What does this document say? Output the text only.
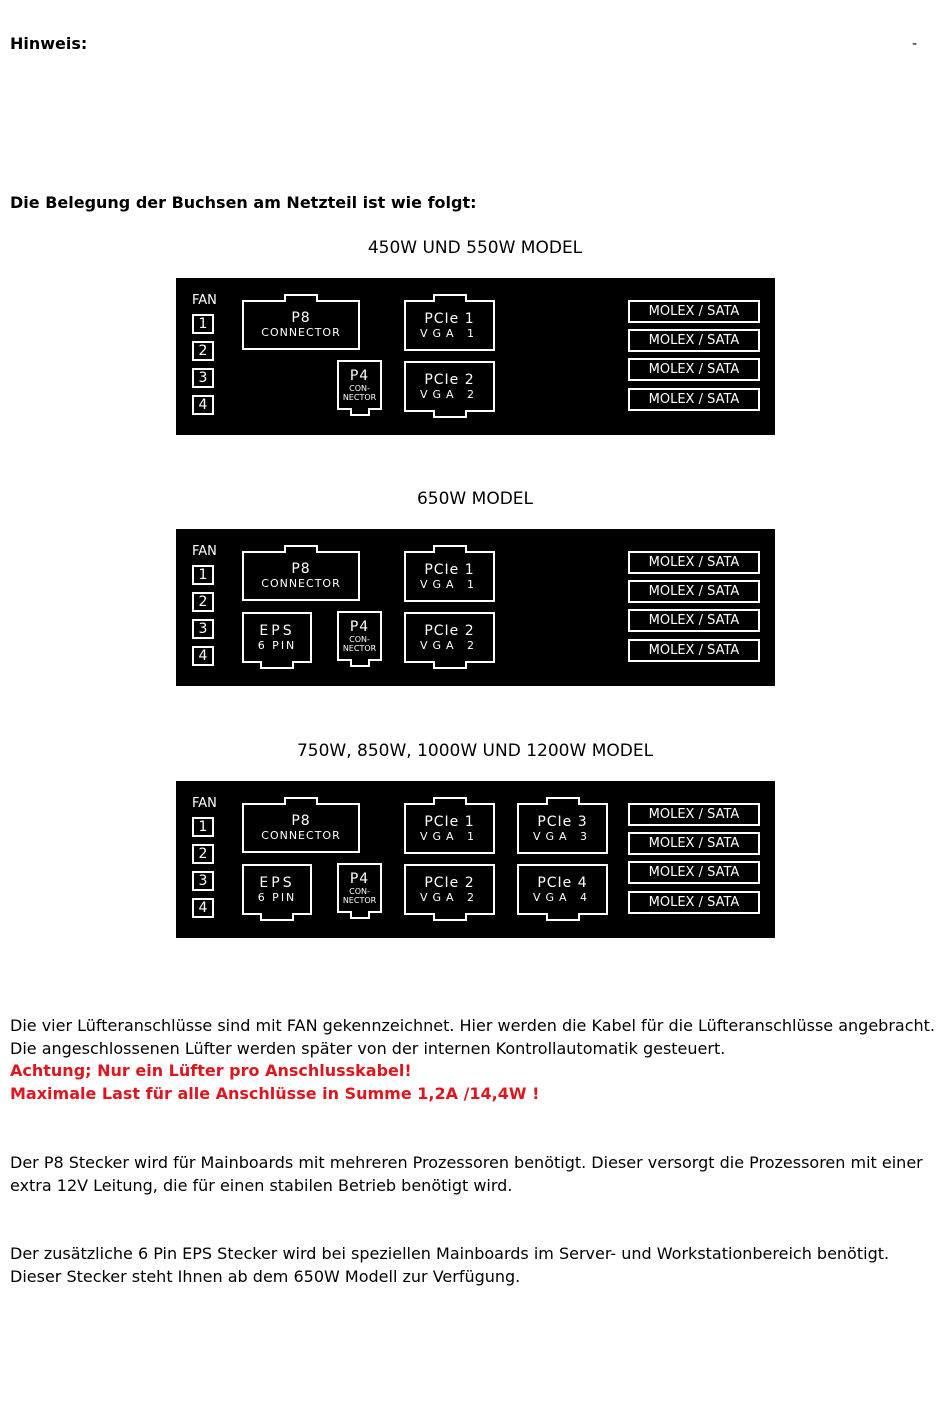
Hinweis:	-

Die Belegung der Buchsen am Netzteil ist wie folgt:

450W UND 550W MODEL

FAN
1
2
3
4
P8
CONNECTOR
P4
CON-
NECTOR
PCIe 1
VGA 1
PCIe 2
VGA 2
MOLEX / SATA
MOLEX / SATA
MOLEX / SATA
MOLEX / SATA

650W MODEL

FAN
1
2
3
4
P8
CONNECTOR
EPS
6 PIN
P4
CON-
NECTOR
PCIe 1
VGA 1
PCIe 2
VGA 2
MOLEX / SATA
MOLEX / SATA
MOLEX / SATA
MOLEX / SATA

750W, 850W, 1000W UND 1200W MODEL

FAN
1
2
3
4
P8
CONNECTOR
EPS
6 PIN
P4
CON-
NECTOR
PCIe 1
VGA 1
PCIe 2
VGA 2
PCIe 3
VGA 3
PCIe 4
VGA 4
MOLEX / SATA
MOLEX / SATA
MOLEX / SATA
MOLEX / SATA

Die vier Lüfteranschlüsse sind mit FAN gekennzeichnet. Hier werden die Kabel für die Lüfteranschlüsse angebracht.

Die angeschlossenen Lüfter werden später von der internen Kontrollautomatik gesteuert.

Achtung; Nur ein Lüfter pro Anschlusskabel!

Maximale Last für alle Anschlüsse in Summe 1,2A /14,4W !

Der P8 Stecker wird für Mainboards mit mehreren Prozessoren benötigt. Dieser versorgt die Prozessoren mit einer extra 12V Leitung, die für einen stabilen Betrieb benötigt wird.

Der zusätzliche 6 Pin EPS Stecker wird bei speziellen Mainboards im Server- und Workstationbereich benötigt. Dieser Stecker steht Ihnen ab dem 650W Modell zur Verfügung.
